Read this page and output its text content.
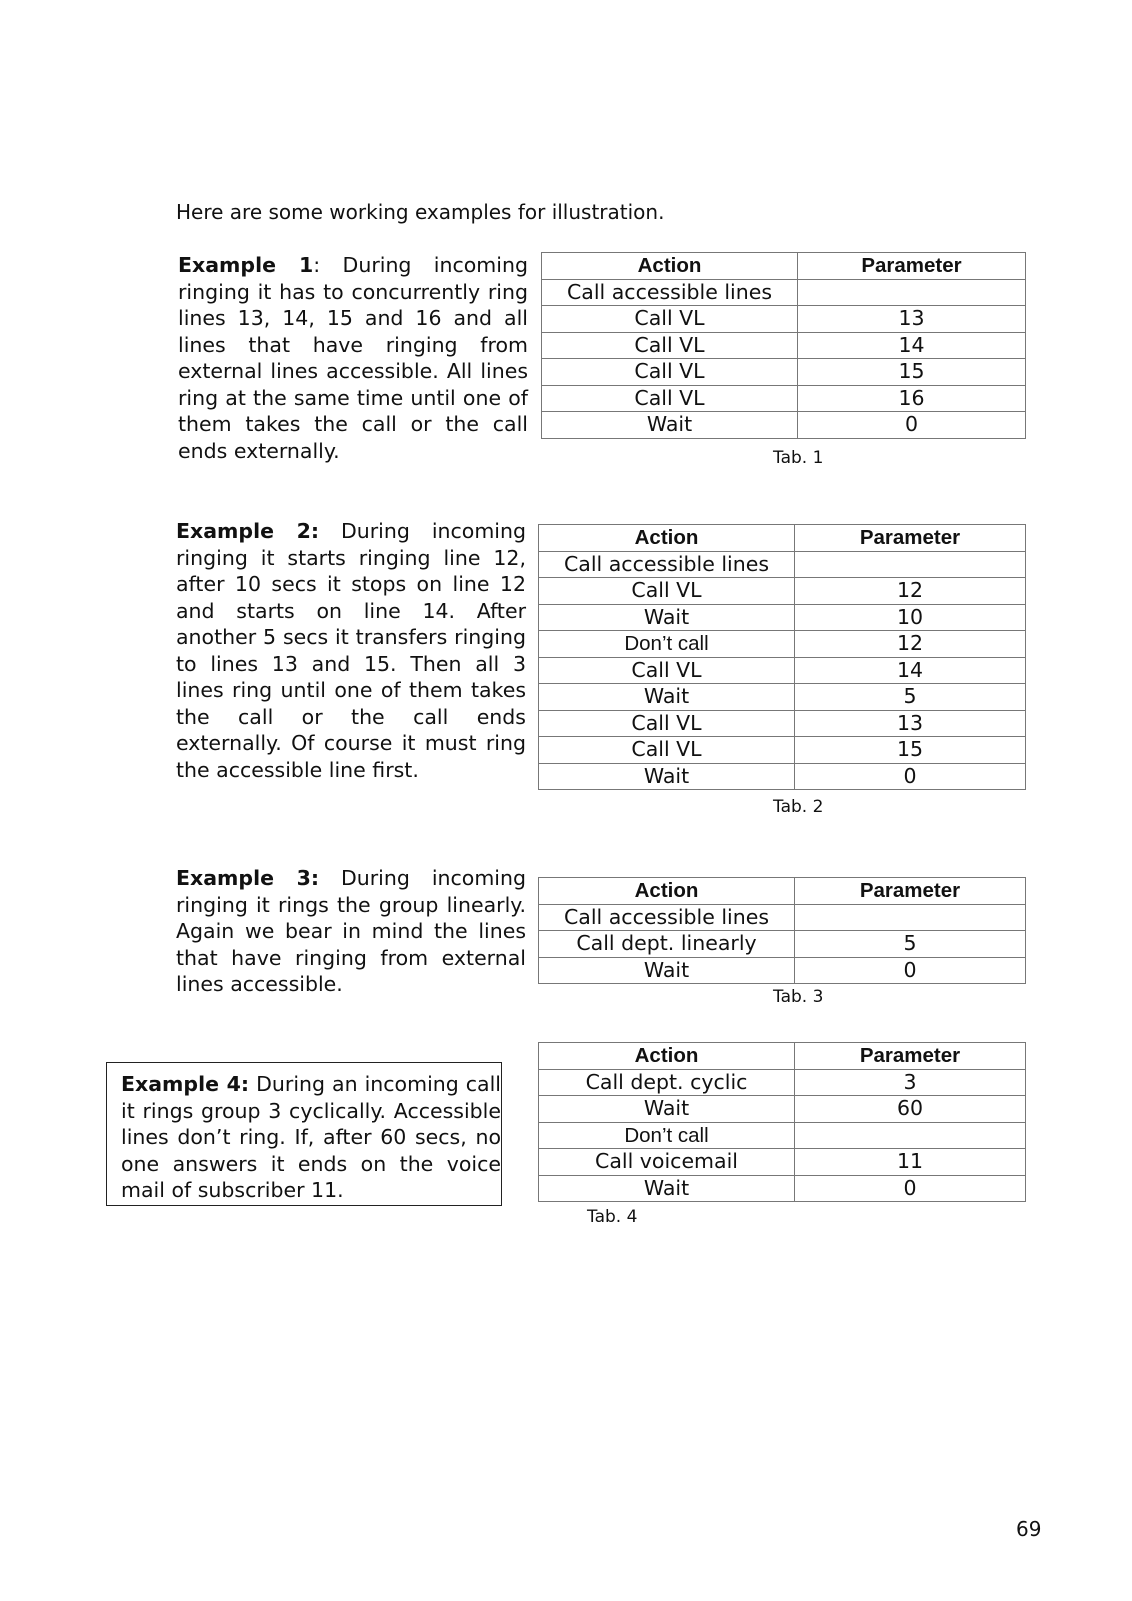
Here are some working examples for illustration.
Example 1: During incoming ringing it has to concurrently ring lines 13, 14, 15 and 16 and all lines that have ringing from external lines accessible. All lines ring at the same time until one of them takes the call or the call ends externally.
Action	Parameter
Call accessible lines	
Call VL	13
Call VL	14
Call VL	15
Call VL	16
Wait	0
Tab. 1
Example 2: During incoming ringing it starts ringing line 12, after 10 secs it stops on line 12 and starts on line 14. After another 5 secs it transfers ringing to lines 13 and 15. Then all 3 lines ring until one of them takes the call or the call ends externally. Of course it must ring the accessible line first.
Action	Parameter
Call accessible lines	
Call VL	12
Wait	10
Don’t call	12
Call VL	14
Wait	5
Call VL	13
Call VL	15
Wait	0
Tab. 2
Example 3: During incoming ringing it rings the group linearly. Again we bear in mind the lines that have ringing from external lines accessible.
Action	Parameter
Call accessible lines	
Call dept. linearly	5
Wait	0
Tab. 3
Example 4: During an incoming call it rings group 3 cyclically. Accessible lines don’t ring. If, after 60 secs, no one answers it ends on the voice mail of subscriber 11.
Action	Parameter
Call dept. cyclic	3
Wait	60
Don’t call	
Call voicemail	11
Wait	0
Tab. 4
69
